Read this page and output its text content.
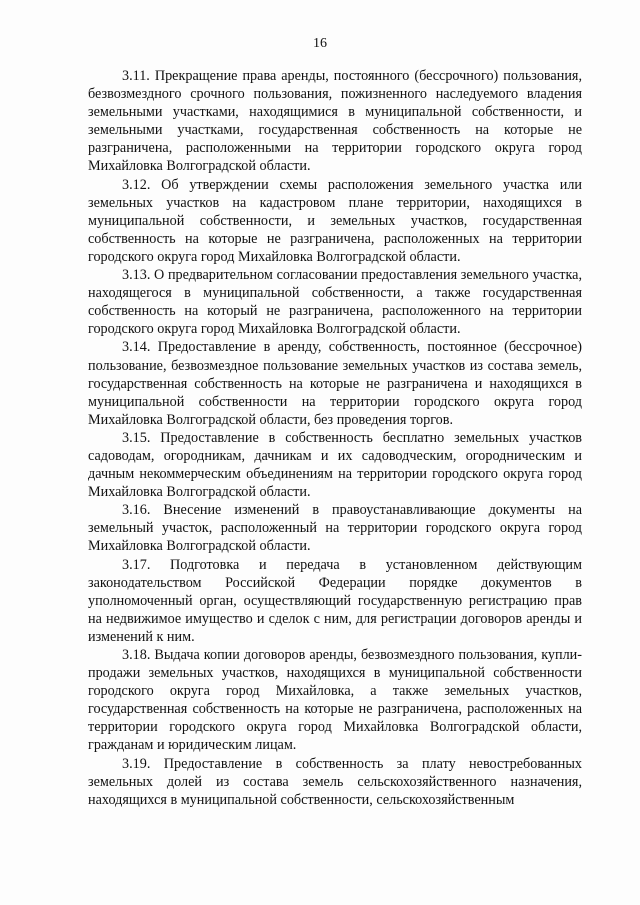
16

3.11. Прекращение права аренды, постоянного (бессрочного) пользования, безвозмездного срочного пользования, пожизненного наследуемого владения земельными участками, находящимися в муниципальной собственности, и земельными участками, государственная собственность на которые не разграничена, расположенными на территории городского округа город Михайловка Волгоградской области.

3.12. Об утверждении схемы расположения земельного участка или земельных участков на кадастровом плане территории, находящихся в муниципальной собственности, и земельных участков, государственная собственность на которые не разграничена, расположенных на территории городского округа город Михайловка Волгоградской области.

3.13. О предварительном согласовании предоставления земельного участка, находящегося в муниципальной собственности, а также государственная собственность на который не разграничена, расположенного на территории городского округа город Михайловка Волгоградской области.

3.14. Предоставление в аренду, собственность, постоянное (бессрочное) пользование, безвозмездное пользование земельных участков из состава земель, государственная собственность на которые не разграничена и находящихся в муниципальной собственности на территории городского округа город Михайловка Волгоградской области, без проведения торгов.

3.15. Предоставление в собственность бесплатно земельных участков садоводам, огородникам, дачникам и их садоводческим, огородническим и дачным некоммерческим объединениям на территории городского округа город Михайловка Волгоградской области.

3.16. Внесение изменений в правоустанавливающие документы на земельный участок, расположенный на территории городского округа город Михайловка Волгоградской области.

3.17. Подготовка и передача в установленном действующим законодательством Российской Федерации порядке документов в уполномоченный орган, осуществляющий государственную регистрацию прав на недвижимое имущество и сделок с ним, для регистрации договоров аренды и изменений к ним.

3.18. Выдача копии договоров аренды, безвозмездного пользования, купли-продажи земельных участков, находящихся в муниципальной собственности городского округа город Михайловка, а также земельных участков, государственная собственность на которые не разграничена, расположенных на территории городского округа город Михайловка Волгоградской области, гражданам и юридическим лицам.

3.19. Предоставление в собственность за плату невостребованных земельных долей из состава земель сельскохозяйственного назначения, находящихся в муниципальной собственности, сельскохозяйственным
